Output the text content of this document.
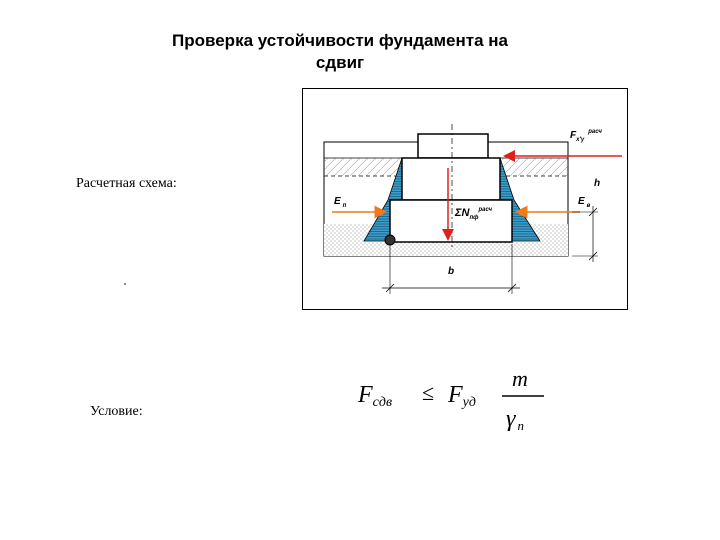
Проверка устойчивости фундамента на
сдвиг
Расчетная схема:
$F_{x'y}^{расч}$
E $_п$	E $_в$
$\Sigma N_{пф}^{расч}$
h
b
Условие:
Fсдв ≤ Fуд
m
γn
